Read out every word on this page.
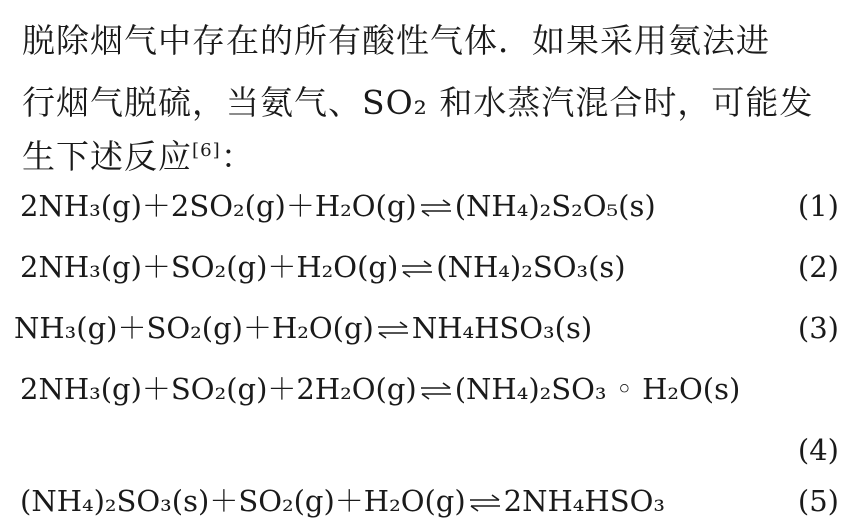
脱除烟气中存在的所有酸性气体．如果采用氨法进
行烟气脱硫，当氨气、SO₂ 和水蒸汽混合时，可能发
生下述反应[6]：
2NH₃(g)＋2SO₂(g)＋H₂O(g) ⇌ (NH₄)₂S₂O₅(s)	(1)
2NH₃(g)＋SO₂(g)＋H₂O(g) ⇌ (NH₄)₂SO₃(s)	(2)
NH₃(g)＋SO₂(g)＋H₂O(g) ⇌ NH₄HSO₃(s)	(3)
2NH₃(g)＋SO₂(g)＋2H₂O(g) ⇌ (NH₄)₂SO₃ ◦ H₂O(s)
(4)
(NH₄)₂SO₃(s)＋SO₂(g)＋H₂O(g) ⇌ 2NH₄HSO₃	(5)
